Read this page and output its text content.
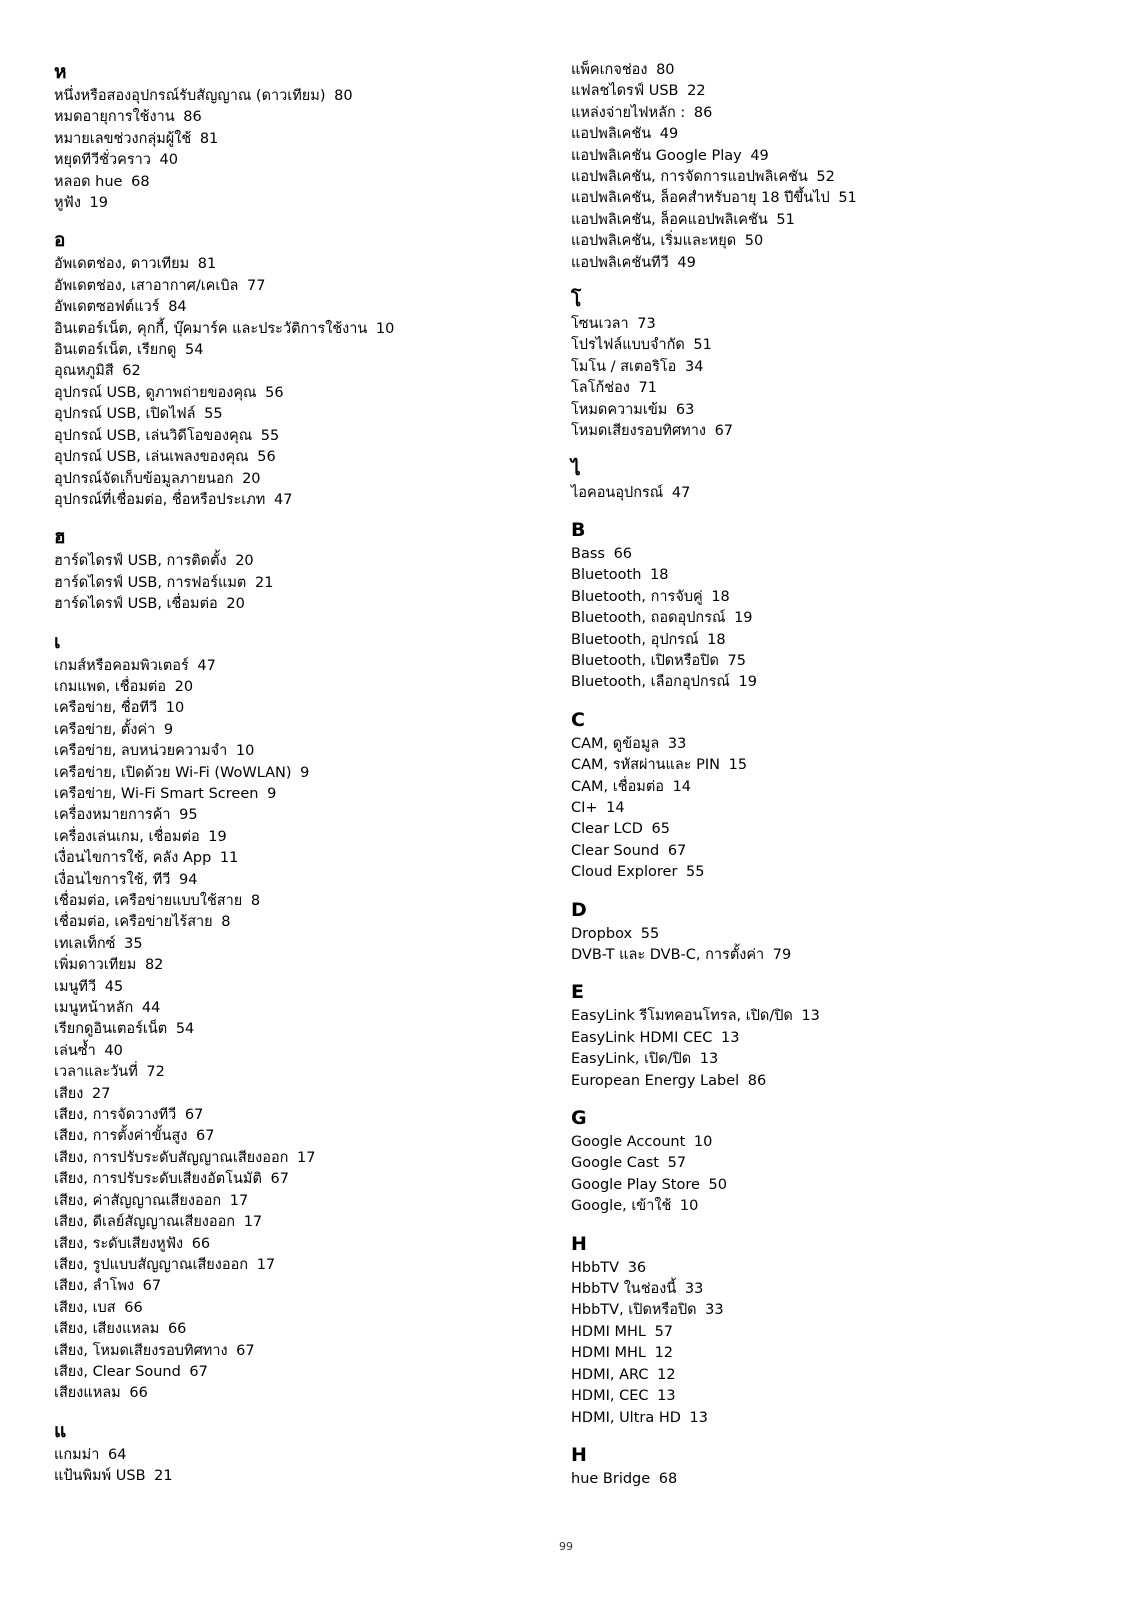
ห
หนึ่งหรือสองอุปกรณ์รับสัญญาณ (ดาวเทียม) 80
หมดอายุการใช้งาน 86
หมายเลขช่วงกลุ่มผู้ใช้ 81
หยุดทีวีชั่วคราว 40
หลอด hue 68
หูฟัง 19
อ
อัพเดตช่อง, ดาวเทียม 81
อัพเดตช่อง, เสาอากาศ/เคเบิล 77
อัพเดตซอฟต์แวร์ 84
อินเตอร์เน็ต, คุกกี้, บุ๊คมาร์ค และประวัติการใช้งาน 10
อินเตอร์เน็ต, เรียกดู 54
อุณหภูมิสี 62
อุปกรณ์ USB, ดูภาพถ่ายของคุณ 56
อุปกรณ์ USB, เปิดไฟล์ 55
อุปกรณ์ USB, เล่นวิดีโอของคุณ 55
อุปกรณ์ USB, เล่นเพลงของคุณ 56
อุปกรณ์จัดเก็บข้อมูลภายนอก 20
อุปกรณ์ที่เชื่อมต่อ, ชื่อหรือประเภท 47
ฮ
ฮาร์ดไดรฟ์ USB, การติดตั้ง 20
ฮาร์ดไดรฟ์ USB, การฟอร์แมต 21
ฮาร์ดไดรฟ์ USB, เชื่อมต่อ 20
เ
เกมส์หรือคอมพิวเตอร์ 47
เกมแพด, เชื่อมต่อ 20
เครือข่าย, ชื่อทีวี 10
เครือข่าย, ตั้งค่า 9
เครือข่าย, ลบหน่วยความจำ 10
เครือข่าย, เปิดด้วย Wi-Fi (WoWLAN) 9
เครือข่าย, Wi-Fi Smart Screen 9
เครื่องหมายการค้า 95
เครื่องเล่นเกม, เชื่อมต่อ 19
เงื่อนไขการใช้, คลัง App 11
เงื่อนไขการใช้, ทีวี 94
เชื่อมต่อ, เครือข่ายแบบใช้สาย 8
เชื่อมต่อ, เครือข่ายไร้สาย 8
เทเลเท็กซ์ 35
เพิ่มดาวเทียม 82
เมนูทีวี 45
เมนูหน้าหลัก 44
เรียกดูอินเตอร์เน็ต 54
เล่นซ้ำ 40
เวลาและวันที่ 72
เสียง 27
เสียง, การจัดวางทีวี 67
เสียง, การตั้งค่าขั้นสูง 67
เสียง, การปรับระดับสัญญาณเสียงออก 17
เสียง, การปรับระดับเสียงอัตโนมัติ 67
เสียง, ค่าสัญญาณเสียงออก 17
เสียง, ดีเลย์สัญญาณเสียงออก 17
เสียง, ระดับเสียงหูฟัง 66
เสียง, รูปแบบสัญญาณเสียงออก 17
เสียง, ลำโพง 67
เสียง, เบส 66
เสียง, เสียงแหลม 66
เสียง, โหมดเสียงรอบทิศทาง 67
เสียง, Clear Sound 67
เสียงแหลม 66
แ
แกมม่า 64
แป้นพิมพ์ USB 21
แพ็คเกจช่อง 80
แฟลชไดรฟ์ USB 22
แหล่งจ่ายไฟหลัก : 86
แอปพลิเคชัน 49
แอปพลิเคชัน Google Play 49
แอปพลิเคชัน, การจัดการแอปพลิเคชัน 52
แอปพลิเคชัน, ล็อคสำหรับอายุ 18 ปีขึ้นไป 51
แอปพลิเคชัน, ล็อคแอปพลิเคชัน 51
แอปพลิเคชัน, เริ่มและหยุด 50
แอปพลิเคชันทีวี 49
โ
โซนเวลา 73
โปรไฟล์แบบจำกัด 51
โมโน / สเตอริโอ 34
โลโก้ช่อง 71
โหมดความเข้ม 63
โหมดเสียงรอบทิศทาง 67
ไ
ไอคอนอุปกรณ์ 47
B
Bass 66
Bluetooth 18
Bluetooth, การจับคู่ 18
Bluetooth, ถอดอุปกรณ์ 19
Bluetooth, อุปกรณ์ 18
Bluetooth, เปิดหรือปิด 75
Bluetooth, เลือกอุปกรณ์ 19
C
CAM, ดูข้อมูล 33
CAM, รหัสผ่านและ PIN 15
CAM, เชื่อมต่อ 14
CI+ 14
Clear LCD 65
Clear Sound 67
Cloud Explorer 55
D
Dropbox 55
DVB-T และ DVB-C, การตั้งค่า 79
E
EasyLink รีโมทคอนโทรล, เปิด/ปิด 13
EasyLink HDMI CEC 13
EasyLink, เปิด/ปิด 13
European Energy Label 86
G
Google Account 10
Google Cast 57
Google Play Store 50
Google, เข้าใช้ 10
H
HbbTV 36
HbbTV ในช่องนี้ 33
HbbTV, เปิดหรือปิด 33
HDMI MHL 57
HDMI MHL 12
HDMI, ARC 12
HDMI, CEC 13
HDMI, Ultra HD 13
H
hue Bridge 68
99
